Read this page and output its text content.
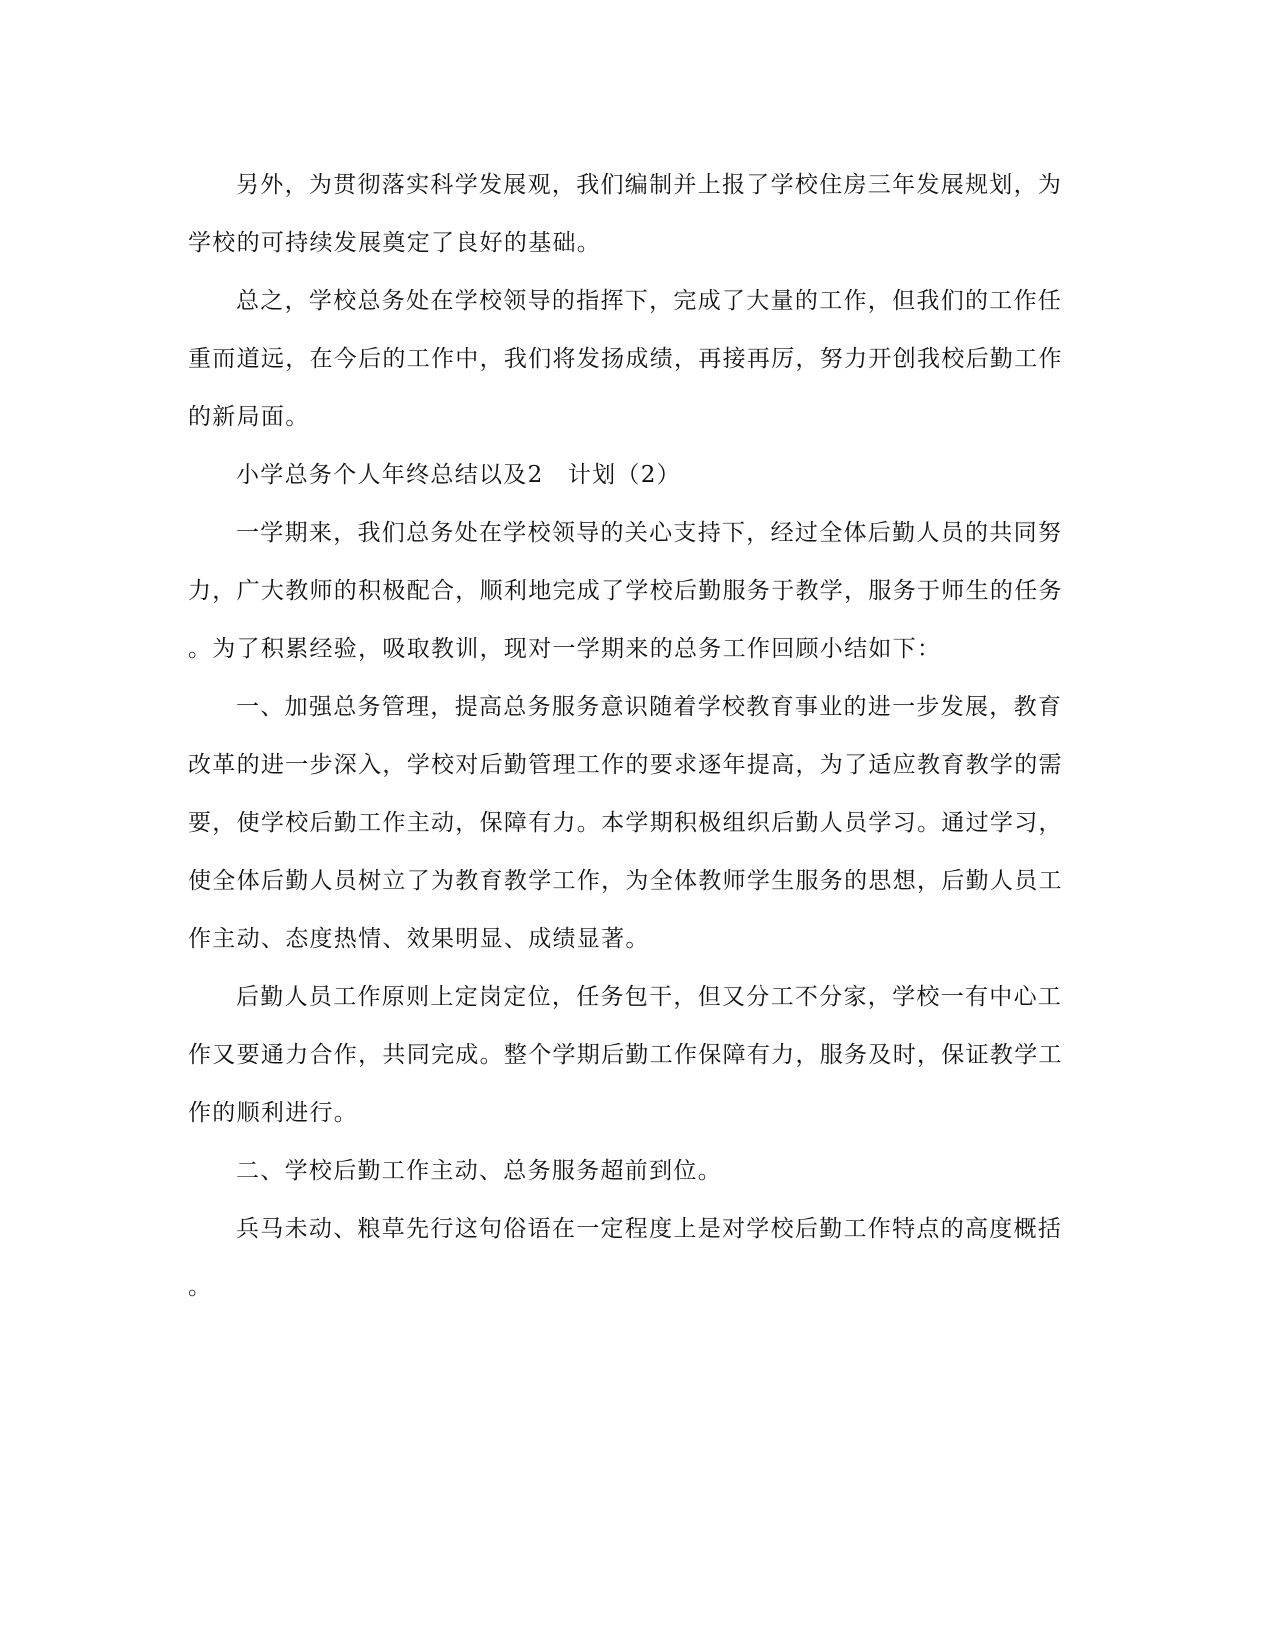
另外，为贯彻落实科学发展观，我们编制并上报了学校住房三年发展规划，为
学校的可持续发展奠定了良好的基础。
总之，学校总务处在学校领导的指挥下，完成了大量的工作，但我们的工作任
重而道远，在今后的工作中，我们将发扬成绩，再接再厉，努力开创我校后勤工作
的新局面。
小学总务个人年终总结以及2　计划（2）
一学期来，我们总务处在学校领导的关心支持下，经过全体后勤人员的共同努
力，广大教师的积极配合，顺利地完成了学校后勤服务于教学，服务于师生的任务
。为了积累经验，吸取教训，现对一学期来的总务工作回顾小结如下：
一、加强总务管理，提高总务服务意识随着学校教育事业的进一步发展，教育
改革的进一步深入，学校对后勤管理工作的要求逐年提高，为了适应教育教学的需
要，使学校后勤工作主动，保障有力。本学期积极组织后勤人员学习。通过学习，
使全体后勤人员树立了为教育教学工作，为全体教师学生服务的思想，后勤人员工
作主动、态度热情、效果明显、成绩显著。
后勤人员工作原则上定岗定位，任务包干，但又分工不分家，学校一有中心工
作又要通力合作，共同完成。整个学期后勤工作保障有力，服务及时，保证教学工
作的顺利进行。
二、学校后勤工作主动、总务服务超前到位。
兵马未动、粮草先行这句俗语在一定程度上是对学校后勤工作特点的高度概括
。
